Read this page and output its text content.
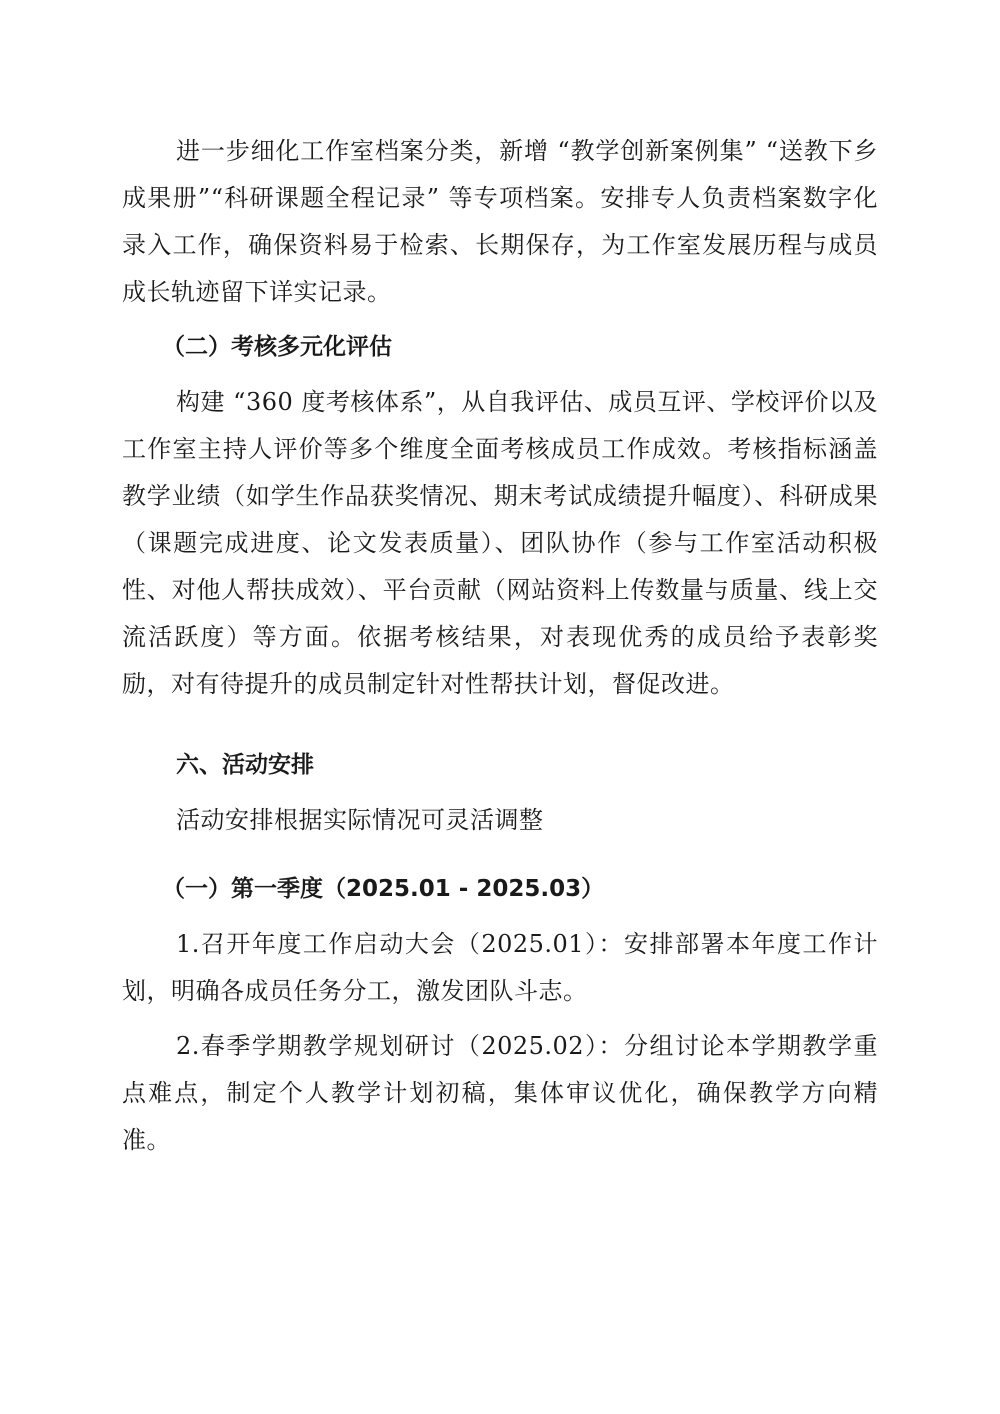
进一步细化工作室档案分类，新增 “教学创新案例集” “送教下乡成果册”“科研课题全程记录” 等专项档案。安排专人负责档案数字化录入工作，确保资料易于检索、长期保存，为工作室发展历程与成员成长轨迹留下详实记录。

（二）考核多元化评估

构建 “360 度考核体系”，从自我评估、成员互评、学校评价以及工作室主持人评价等多个维度全面考核成员工作成效。考核指标涵盖教学业绩（如学生作品获奖情况、期末考试成绩提升幅度）、科研成果（课题完成进度、论文发表质量）、团队协作（参与工作室活动积极性、对他人帮扶成效）、平台贡献（网站资料上传数量与质量、线上交流活跃度）等方面。依据考核结果，对表现优秀的成员给予表彰奖励，对有待提升的成员制定针对性帮扶计划，督促改进。

六、活动安排

活动安排根据实际情况可灵活调整

（一）第一季度（2025.01 - 2025.03）

1.召开年度工作启动大会（2025.01）：安排部署本年度工作计划，明确各成员任务分工，激发团队斗志。

2.春季学期教学规划研讨（2025.02）：分组讨论本学期教学重点难点，制定个人教学计划初稿，集体审议优化，确保教学方向精准。
